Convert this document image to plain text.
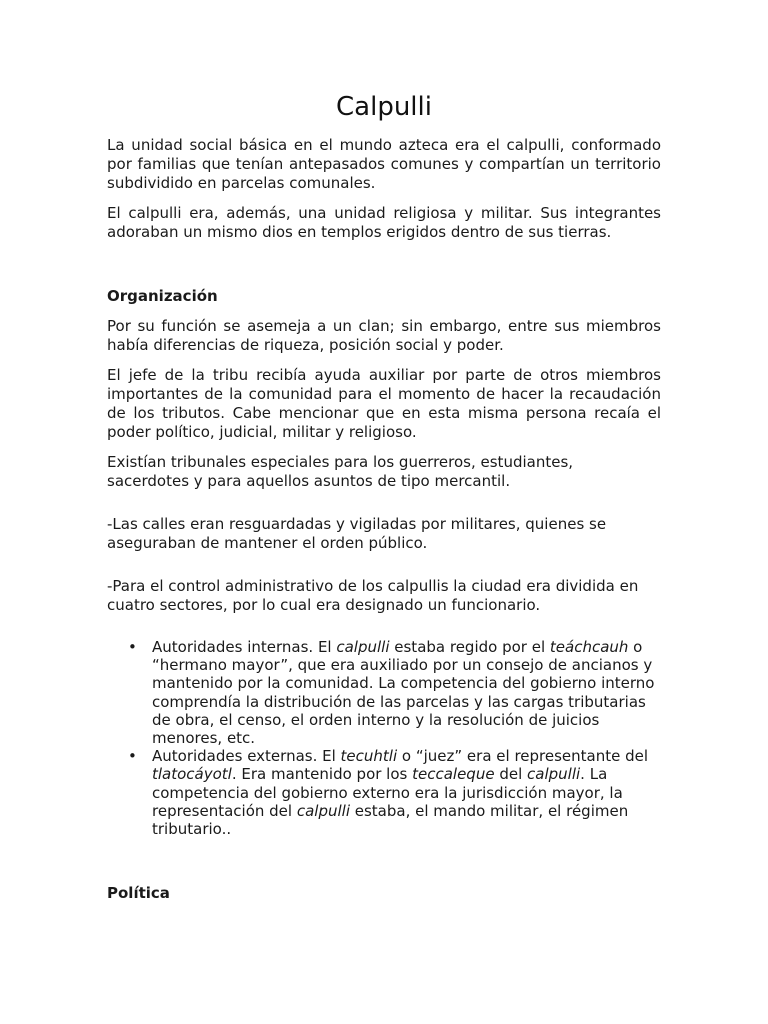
Calpulli

La unidad social básica en el mundo azteca era el calpulli, conformado por familias que tenían antepasados comunes y compartían un territorio subdividido en parcelas comunales.

El calpulli era, además, una unidad religiosa y militar. Sus integrantes adoraban un mismo dios en templos erigidos dentro de sus tierras.

Organización

Por su función se asemeja a un clan; sin embargo, entre sus miembros había diferencias de riqueza, posición social y poder.

El jefe de la tribu recibía ayuda auxiliar por parte de otros miembros importantes de la comunidad para el momento de hacer la recaudación de los tributos. Cabe mencionar que en esta misma persona recaía el poder político, judicial, militar y religioso.

Existían tribunales especiales para los guerreros, estudiantes,
sacerdotes y para aquellos asuntos de tipo mercantil.

-Las calles eran resguardadas y vigiladas por militares, quienes se
aseguraban de mantener el orden público.

-Para el control administrativo de los calpullis la ciudad era dividida en
cuatro sectores, por lo cual era designado un funcionario.

• Autoridades internas. El calpulli estaba regido por el teáchcauh o “hermano mayor”, que era auxiliado por un consejo de ancianos y mantenido por la comunidad. La competencia del gobierno interno comprendía la distribución de las parcelas y las cargas tributarias de obra, el censo, el orden interno y la resolución de juicios menores, etc.
• Autoridades externas. El tecuhtli o “juez” era el representante del tlatocáyotl. Era mantenido por los teccaleque del calpulli. La competencia del gobierno externo era la jurisdicción mayor, la representación del calpulli estaba, el mando militar, el régimen tributario..
Política
